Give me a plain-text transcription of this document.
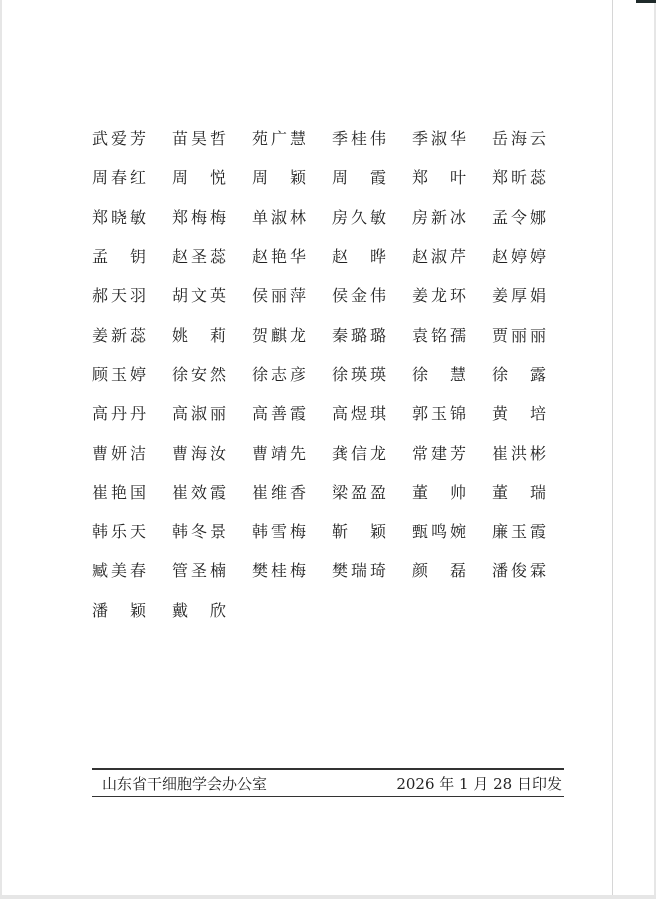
武 爱 芳 苗 昊 哲 苑 广 慧 季 桂 伟 季 淑 华 岳 海 云
周 春 红 周 悦 周 颖 周 霞 郑 叶 郑 昕 蕊
郑 晓 敏 郑 梅 梅 单 淑 林 房 久 敏 房 新 冰 孟 令 娜
孟 钥 赵 圣 蕊 赵 艳 华 赵 晔 赵 淑 芹 赵 婷 婷
郝 天 羽 胡 文 英 侯 丽 萍 侯 金 伟 姜 龙 环 姜 厚 娟
姜 新 蕊 姚 莉 贺 麒 龙 秦 璐 璐 袁 铭 孺 贾 丽 丽
顾 玉 婷 徐 安 然 徐 志 彦 徐 瑛 瑛 徐 慧 徐 露
高 丹 丹 高 淑 丽 高 善 霞 高 煜 琪 郭 玉 锦 黄 培
曹 妍 洁 曹 海 汝 曹 靖 先 龚 信 龙 常 建 芳 崔 洪 彬
崔 艳 国 崔 效 霞 崔 维 香 梁 盈 盈 董 帅 董 瑞
韩 乐 天 韩 冬 景 韩 雪 梅 靳 颖 甄 鸣 婉 廉 玉 霞
臧 美 春 管 圣 楠 樊 桂 梅 樊 瑞 琦 颜 磊 潘 俊 霖
潘 颖 戴 欣
山东省干细胞学会办公室	2026 年 1 月 28 日印发
